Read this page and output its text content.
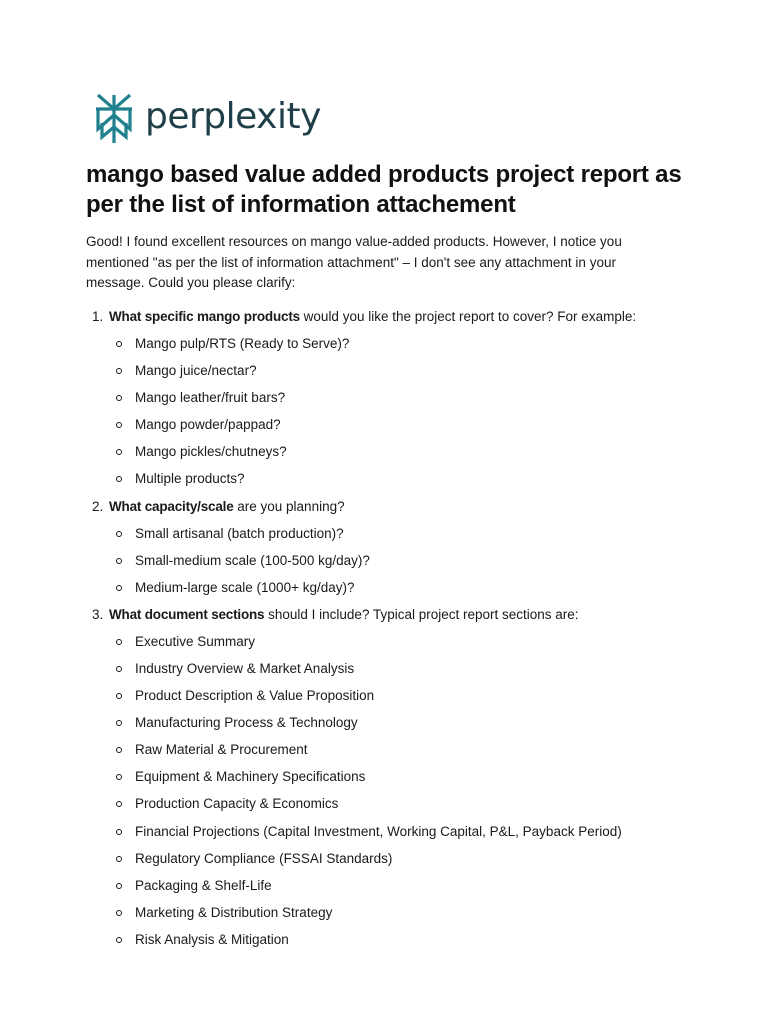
perplexity
mango based value added products project report as per the list of information attachement

Good! I found excellent resources on mango value-added products. However, I notice you mentioned "as per the list of information attachment" – I don't see any attachment in your message. Could you please clarify:

1. What specific mango products would you like the project report to cover? For example:
Mango pulp/RTS (Ready to Serve)?
Mango juice/nectar?
Mango leather/fruit bars?
Mango powder/pappad?
Mango pickles/chutneys?
Multiple products?
2. What capacity/scale are you planning?
Small artisanal (batch production)?
Small-medium scale (100-500 kg/day)?
Medium-large scale (1000+ kg/day)?
3. What document sections should I include? Typical project report sections are:
Executive Summary
Industry Overview & Market Analysis
Product Description & Value Proposition
Manufacturing Process & Technology
Raw Material & Procurement
Equipment & Machinery Specifications
Production Capacity & Economics
Financial Projections (Capital Investment, Working Capital, P&L, Payback Period)
Regulatory Compliance (FSSAI Standards)
Packaging & Shelf-Life
Marketing & Distribution Strategy
Risk Analysis & Mitigation
